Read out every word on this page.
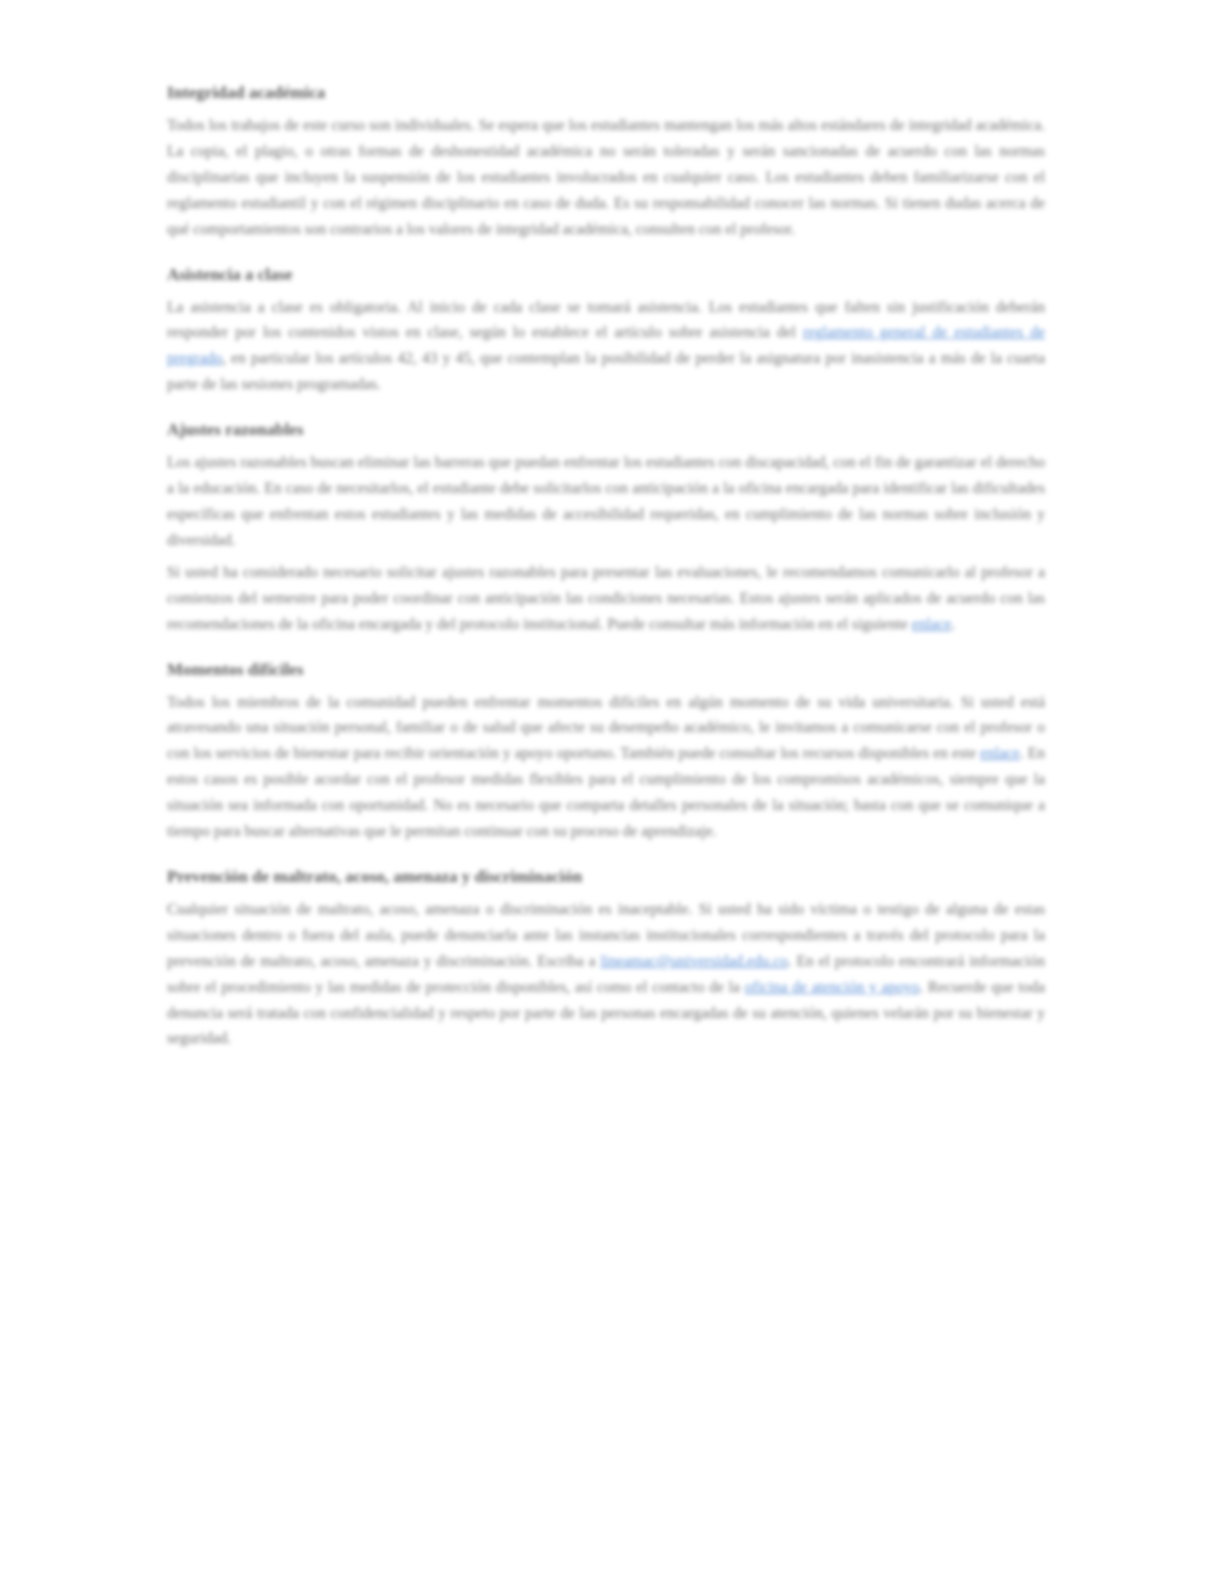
Integridad académica

Todos los trabajos de este curso son individuales. Se espera que los estudiantes mantengan los más altos estándares de integridad académica. La copia, el plagio, o otras formas de deshonestidad académica no serán toleradas y serán sancionadas de acuerdo con las normas disciplinarias que incluyen la suspensión de los estudiantes involucrados en cualquier caso. Los estudiantes deben familiarizarse con el reglamento estudiantil y con el régimen disciplinario en caso de duda. Es su responsabilidad conocer las normas. Si tienen dudas acerca de qué comportamientos son contrarios a los valores de integridad académica, consulten con el profesor.

Asistencia a clase

La asistencia a clase es obligatoria. Al inicio de cada clase se tomará asistencia. Los estudiantes que falten sin justificación deberán responder por los contenidos vistos en clase, según lo establece el artículo sobre asistencia del reglamento general de estudiantes de pregrado, en particular los artículos 42, 43 y 45, que contemplan la posibilidad de perder la asignatura por inasistencia a más de la cuarta parte de las sesiones programadas.

Ajustes razonables

Los ajustes razonables buscan eliminar las barreras que puedan enfrentar los estudiantes con discapacidad, con el fin de garantizar el derecho a la educación. En caso de necesitarlos, el estudiante debe solicitarlos con anticipación a la oficina encargada para identificar las dificultades específicas que enfrentan estos estudiantes y las medidas de accesibilidad requeridas, en cumplimiento de las normas sobre inclusión y diversidad.

Si usted ha considerado necesario solicitar ajustes razonables para presentar las evaluaciones, le recomendamos comunicarlo al profesor a comienzos del semestre para poder coordinar con anticipación las condiciones necesarias. Estos ajustes serán aplicados de acuerdo con las recomendaciones de la oficina encargada y del protocolo institucional. Puede consultar más información en el siguiente enlace.

Momentos difíciles

Todos los miembros de la comunidad pueden enfrentar momentos difíciles en algún momento de su vida universitaria. Si usted está atravesando una situación personal, familiar o de salud que afecte su desempeño académico, le invitamos a comunicarse con el profesor o con los servicios de bienestar para recibir orientación y apoyo oportuno. También puede consultar los recursos disponibles en este enlace. En estos casos es posible acordar con el profesor medidas flexibles para el cumplimiento de los compromisos académicos, siempre que la situación sea informada con oportunidad. No es necesario que comparta detalles personales de la situación; basta con que se comunique a tiempo para buscar alternativas que le permitan continuar con su proceso de aprendizaje.

Prevención de maltrato, acoso, amenaza y discriminación

Cualquier situación de maltrato, acoso, amenaza o discriminación es inaceptable. Si usted ha sido víctima o testigo de alguna de estas situaciones dentro o fuera del aula, puede denunciarla ante las instancias institucionales correspondientes a través del protocolo para la prevención de maltrato, acoso, amenaza y discriminación. Escriba a lineamac@universidad.edu.co. En el protocolo encontrará información sobre el procedimiento y las medidas de protección disponibles, así como el contacto de la oficina de atención y apoyo. Recuerde que toda denuncia será tratada con confidencialidad y respeto por parte de las personas encargadas de su atención, quienes velarán por su bienestar y seguridad.
